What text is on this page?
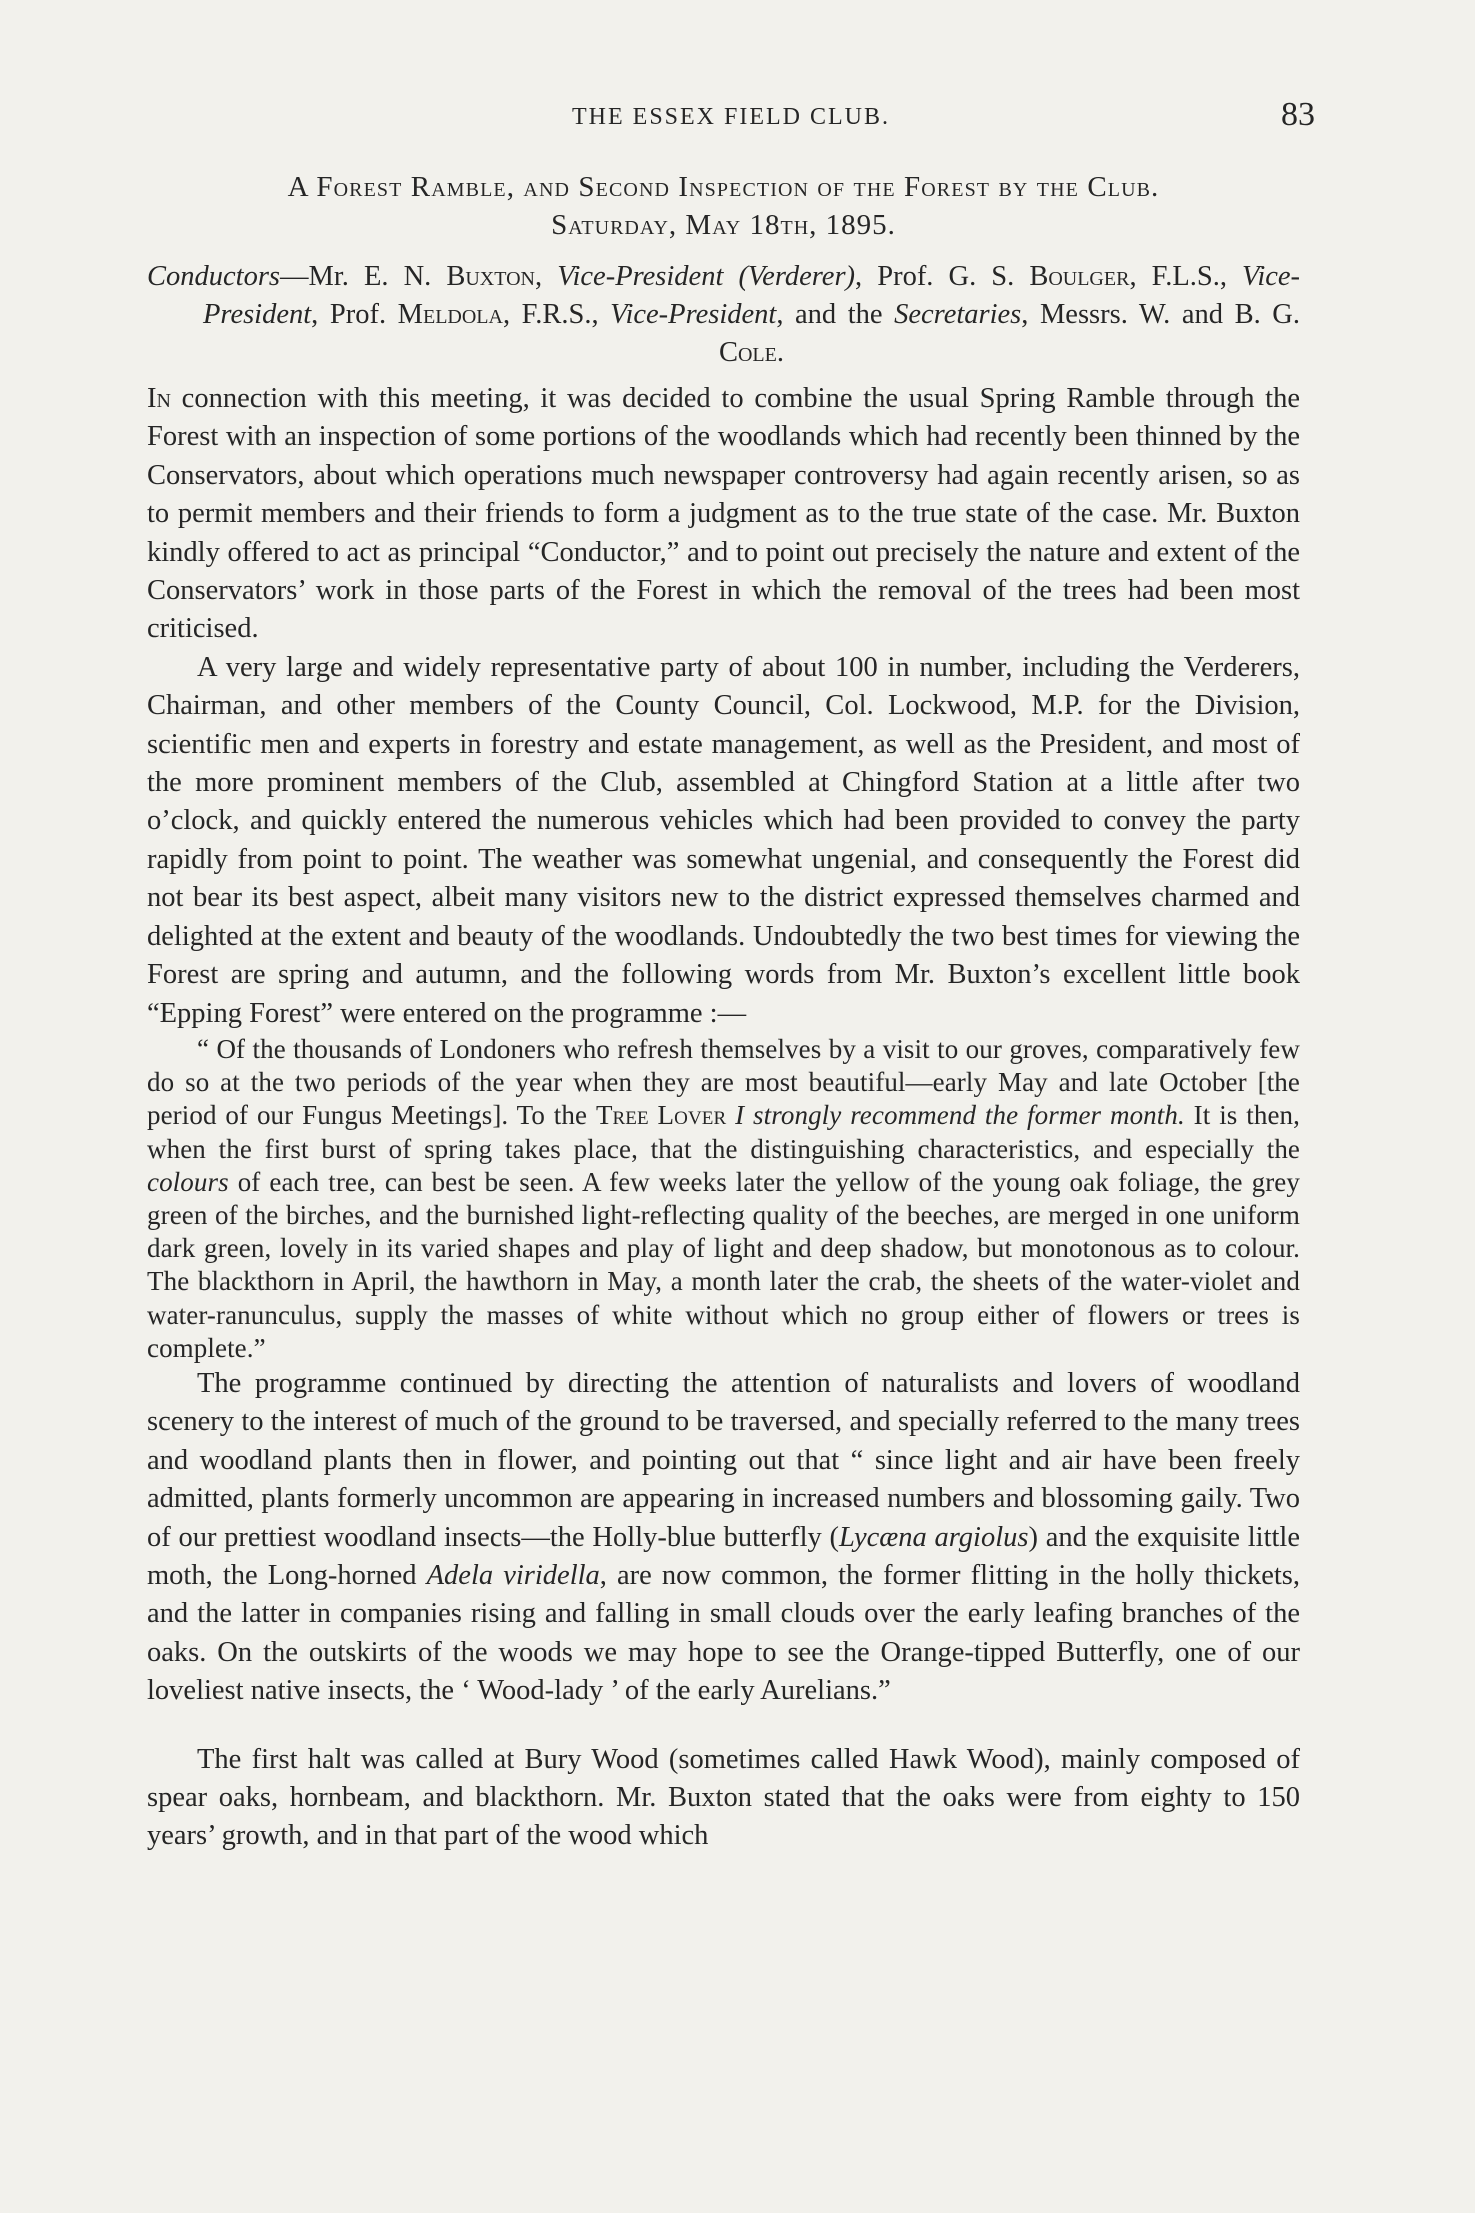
THE ESSEX FIELD CLUB.	83
A Forest Ramble, and Second Inspection of the Forest by the Club.
Saturday, May 18th, 1895.

Conductors—Mr. E. N. Buxton, Vice-President (Verderer), Prof. G. S. Boulger, F.L.S., Vice-President, Prof. Meldola, F.R.S., Vice-President, and the Secretaries, Messrs. W. and B. G. Cole.

In connection with this meeting, it was decided to combine the usual Spring Ramble through the Forest with an inspection of some portions of the woodlands which had recently been thinned by the Conservators, about which operations much newspaper controversy had again recently arisen, so as to permit members and their friends to form a judgment as to the true state of the case. Mr. Buxton kindly offered to act as principal “Conductor,” and to point out precisely the nature and extent of the Conservators’ work in those parts of the Forest in which the removal of the trees had been most criticised.

A very large and widely representative party of about 100 in number, including the Verderers, Chairman, and other members of the County Council, Col. Lockwood, M.P. for the Division, scientific men and experts in forestry and estate management, as well as the President, and most of the more prominent members of the Club, assembled at Chingford Station at a little after two o’clock, and quickly entered the numerous vehicles which had been provided to convey the party rapidly from point to point. The weather was somewhat ungenial, and consequently the Forest did not bear its best aspect, albeit many visitors new to the district expressed themselves charmed and delighted at the extent and beauty of the woodlands. Undoubtedly the two best times for viewing the Forest are spring and autumn, and the following words from Mr. Buxton’s excellent little book “Epping Forest” were entered on the programme :—

“ Of the thousands of Londoners who refresh themselves by a visit to our groves, comparatively few do so at the two periods of the year when they are most beautiful—early May and late October [the period of our Fungus Meetings]. To the Tree Lover I strongly recommend the former month. It is then, when the first burst of spring takes place, that the distinguishing characteristics, and especially the colours of each tree, can best be seen. A few weeks later the yellow of the young oak foliage, the grey green of the birches, and the burnished light-reflecting quality of the beeches, are merged in one uniform dark green, lovely in its varied shapes and play of light and deep shadow, but monotonous as to colour. The blackthorn in April, the hawthorn in May, a month later the crab, the sheets of the water-violet and water-ranunculus, supply the masses of white without which no group either of flowers or trees is complete.”

The programme continued by directing the attention of naturalists and lovers of woodland scenery to the interest of much of the ground to be traversed, and specially referred to the many trees and woodland plants then in flower, and pointing out that “ since light and air have been freely admitted, plants formerly uncommon are appearing in increased numbers and blossoming gaily. Two of our prettiest woodland insects—the Holly-blue butterfly (Lycæna argiolus) and the exquisite little moth, the Long-horned Adela viridella, are now common, the former flitting in the holly thickets, and the latter in companies rising and falling in small clouds over the early leafing branches of the oaks. On the outskirts of the woods we may hope to see the Orange-tipped Butterfly, one of our loveliest native insects, the ‘ Wood-lady ’ of the early Aurelians.”

The first halt was called at Bury Wood (sometimes called Hawk Wood), mainly composed of spear oaks, hornbeam, and blackthorn. Mr. Buxton stated that the oaks were from eighty to 150 years’ growth, and in that part of the wood which
